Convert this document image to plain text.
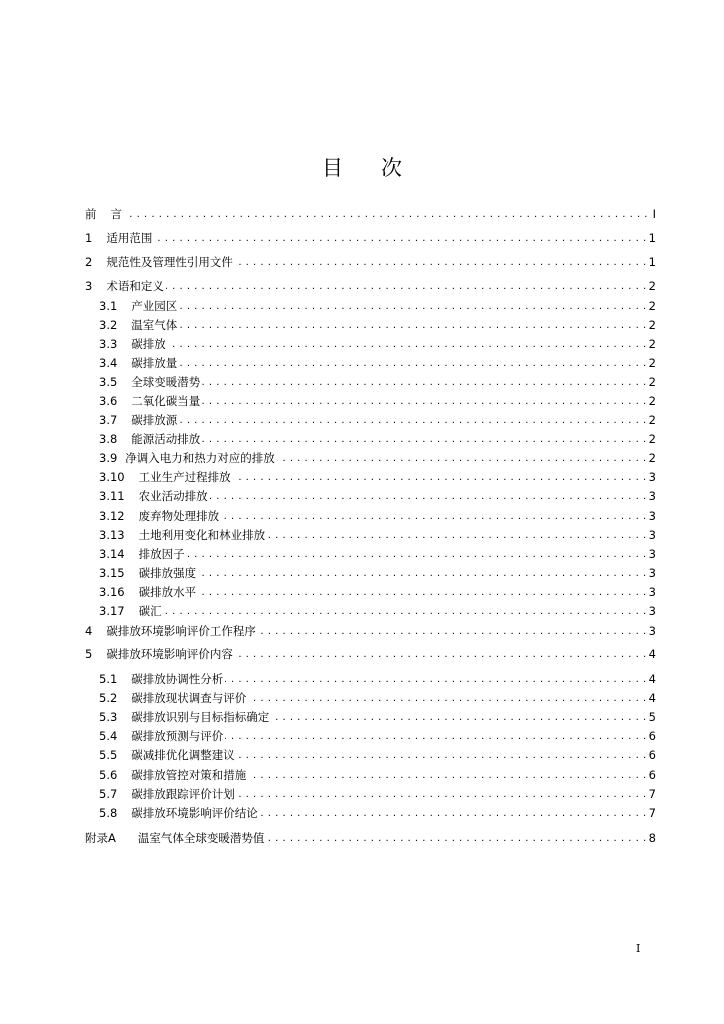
目 次
前 言 . . .	I
1 适用范围 . . .	1
2 规范性及管理性引用文件 . . .	1
3 术语和定义 . . .	2
3.1 产业园区 . . .	2
3.2 温室气体 . . .	2
3.3 碳排放 . . .	2
3.4 碳排放量 . . .	2
3.5 全球变暖潜势 . . .	2
3.6 二氧化碳当量 . . .	2
3.7 碳排放源 . . .	2
3.8 能源活动排放 . . .	2
3.9 净调入电力和热力对应的排放 . . .	2
3.10 工业生产过程排放 . . .	3
3.11 农业活动排放 . . .	3
3.12 废弃物处理排放 . . .	3
3.13 土地利用变化和林业排放 . . .	3
3.14 排放因子 . . .	3
3.15 碳排放强度 . . .	3
3.16 碳排放水平 . . .	3
3.17 碳汇 . . .	3
4 碳排放环境影响评价工作程序 . . .	3
5 碳排放环境影响评价内容 . . .	4
5.1 碳排放协调性分析 . . .	4
5.2 碳排放现状调查与评价 . . .	4
5.3 碳排放识别与目标指标确定 . . .	5
5.4 碳排放预测与评价 . . .	6
5.5 碳减排优化调整建议 . . .	6
5.6 碳排放管控对策和措施 . . .	6
5.7 碳排放跟踪评价计划 . . .	7
5.8 碳排放环境影响评价结论 . . .	7
附录A 温室气体全球变暖潜势值 . . .	8
I
